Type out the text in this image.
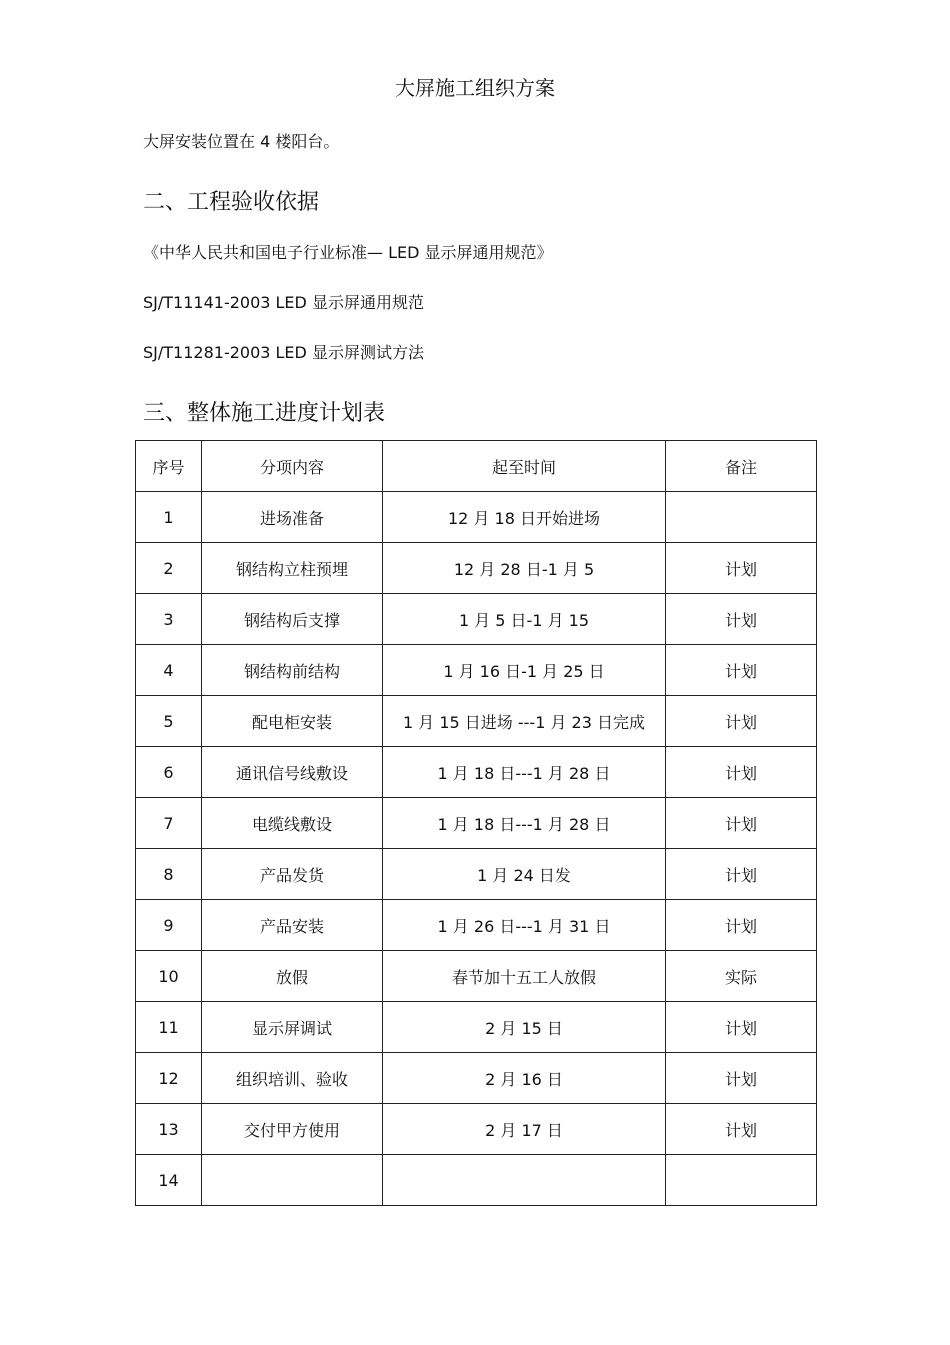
大屏施工组织方案
大屏安装位置在 4 楼阳台。
二、工程验收依据
《中华人民共和国电子行业标准— LED 显示屏通用规范》
SJ/T11141-2003 LED 显示屏通用规范
SJ/T11281-2003 LED 显示屏测试方法
三、整体施工进度计划表
序号	分项内容	起至时间	备注
1	进场准备	12 月 18 日开始进场	
2	钢结构立柱预埋	12 月 28 日-1 月 5	计划
3	钢结构后支撑	1 月 5 日-1 月 15	计划
4	钢结构前结构	1 月 16 日-1 月 25 日	计划
5	配电柜安装	1 月 15 日进场 ---1 月 23 日完成	计划
6	通讯信号线敷设	1 月 18 日---1 月 28 日	计划
7	电缆线敷设	1 月 18 日---1 月 28 日	计划
8	产品发货	1 月 24 日发	计划
9	产品安装	1 月 26 日---1 月 31 日	计划
10	放假	春节加十五工人放假	实际
11	显示屏调试	2 月 15 日	计划
12	组织培训、验收	2 月 16 日	计划
13	交付甲方使用	2 月 17 日	计划
14			
